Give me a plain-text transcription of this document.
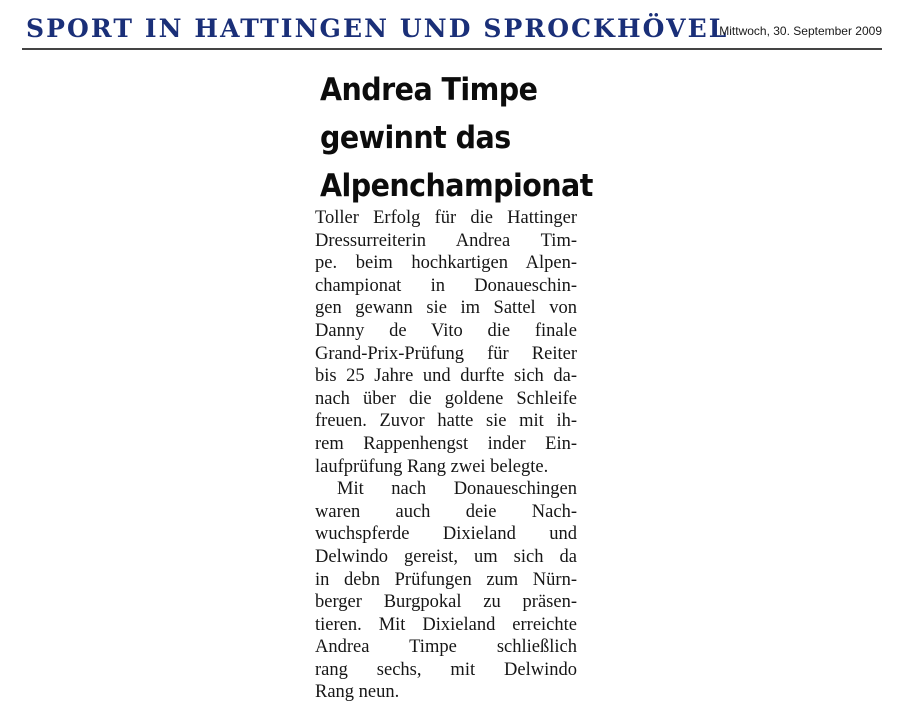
SPORT IN HATTINGEN UND SPROCKHÖVEL
Mittwoch, 30. September 2009
Andrea Timpe
gewinnt das
Alpenchampionat
Toller Erfolg für die Hattinger
Dressurreiterin Andrea Tim-
pe. beim hochkartigen Alpen-
championat in Donaueschin-
gen gewann sie im Sattel von
Danny de Vito die finale
Grand-Prix-Prüfung für Reiter
bis 25 Jahre und durfte sich da-
nach über die goldene Schleife
freuen. Zuvor hatte sie mit ih-
rem Rappenhengst inder Ein-
laufprüfung Rang zwei belegte.
Mit nach Donaueschingen
waren auch deie Nach-
wuchspferde Dixieland und
Delwindo gereist, um sich da
in debn Prüfungen zum Nürn-
berger Burgpokal zu präsen-
tieren. Mit Dixieland erreichte
Andrea Timpe schließlich
rang sechs, mit Delwindo
Rang neun.
